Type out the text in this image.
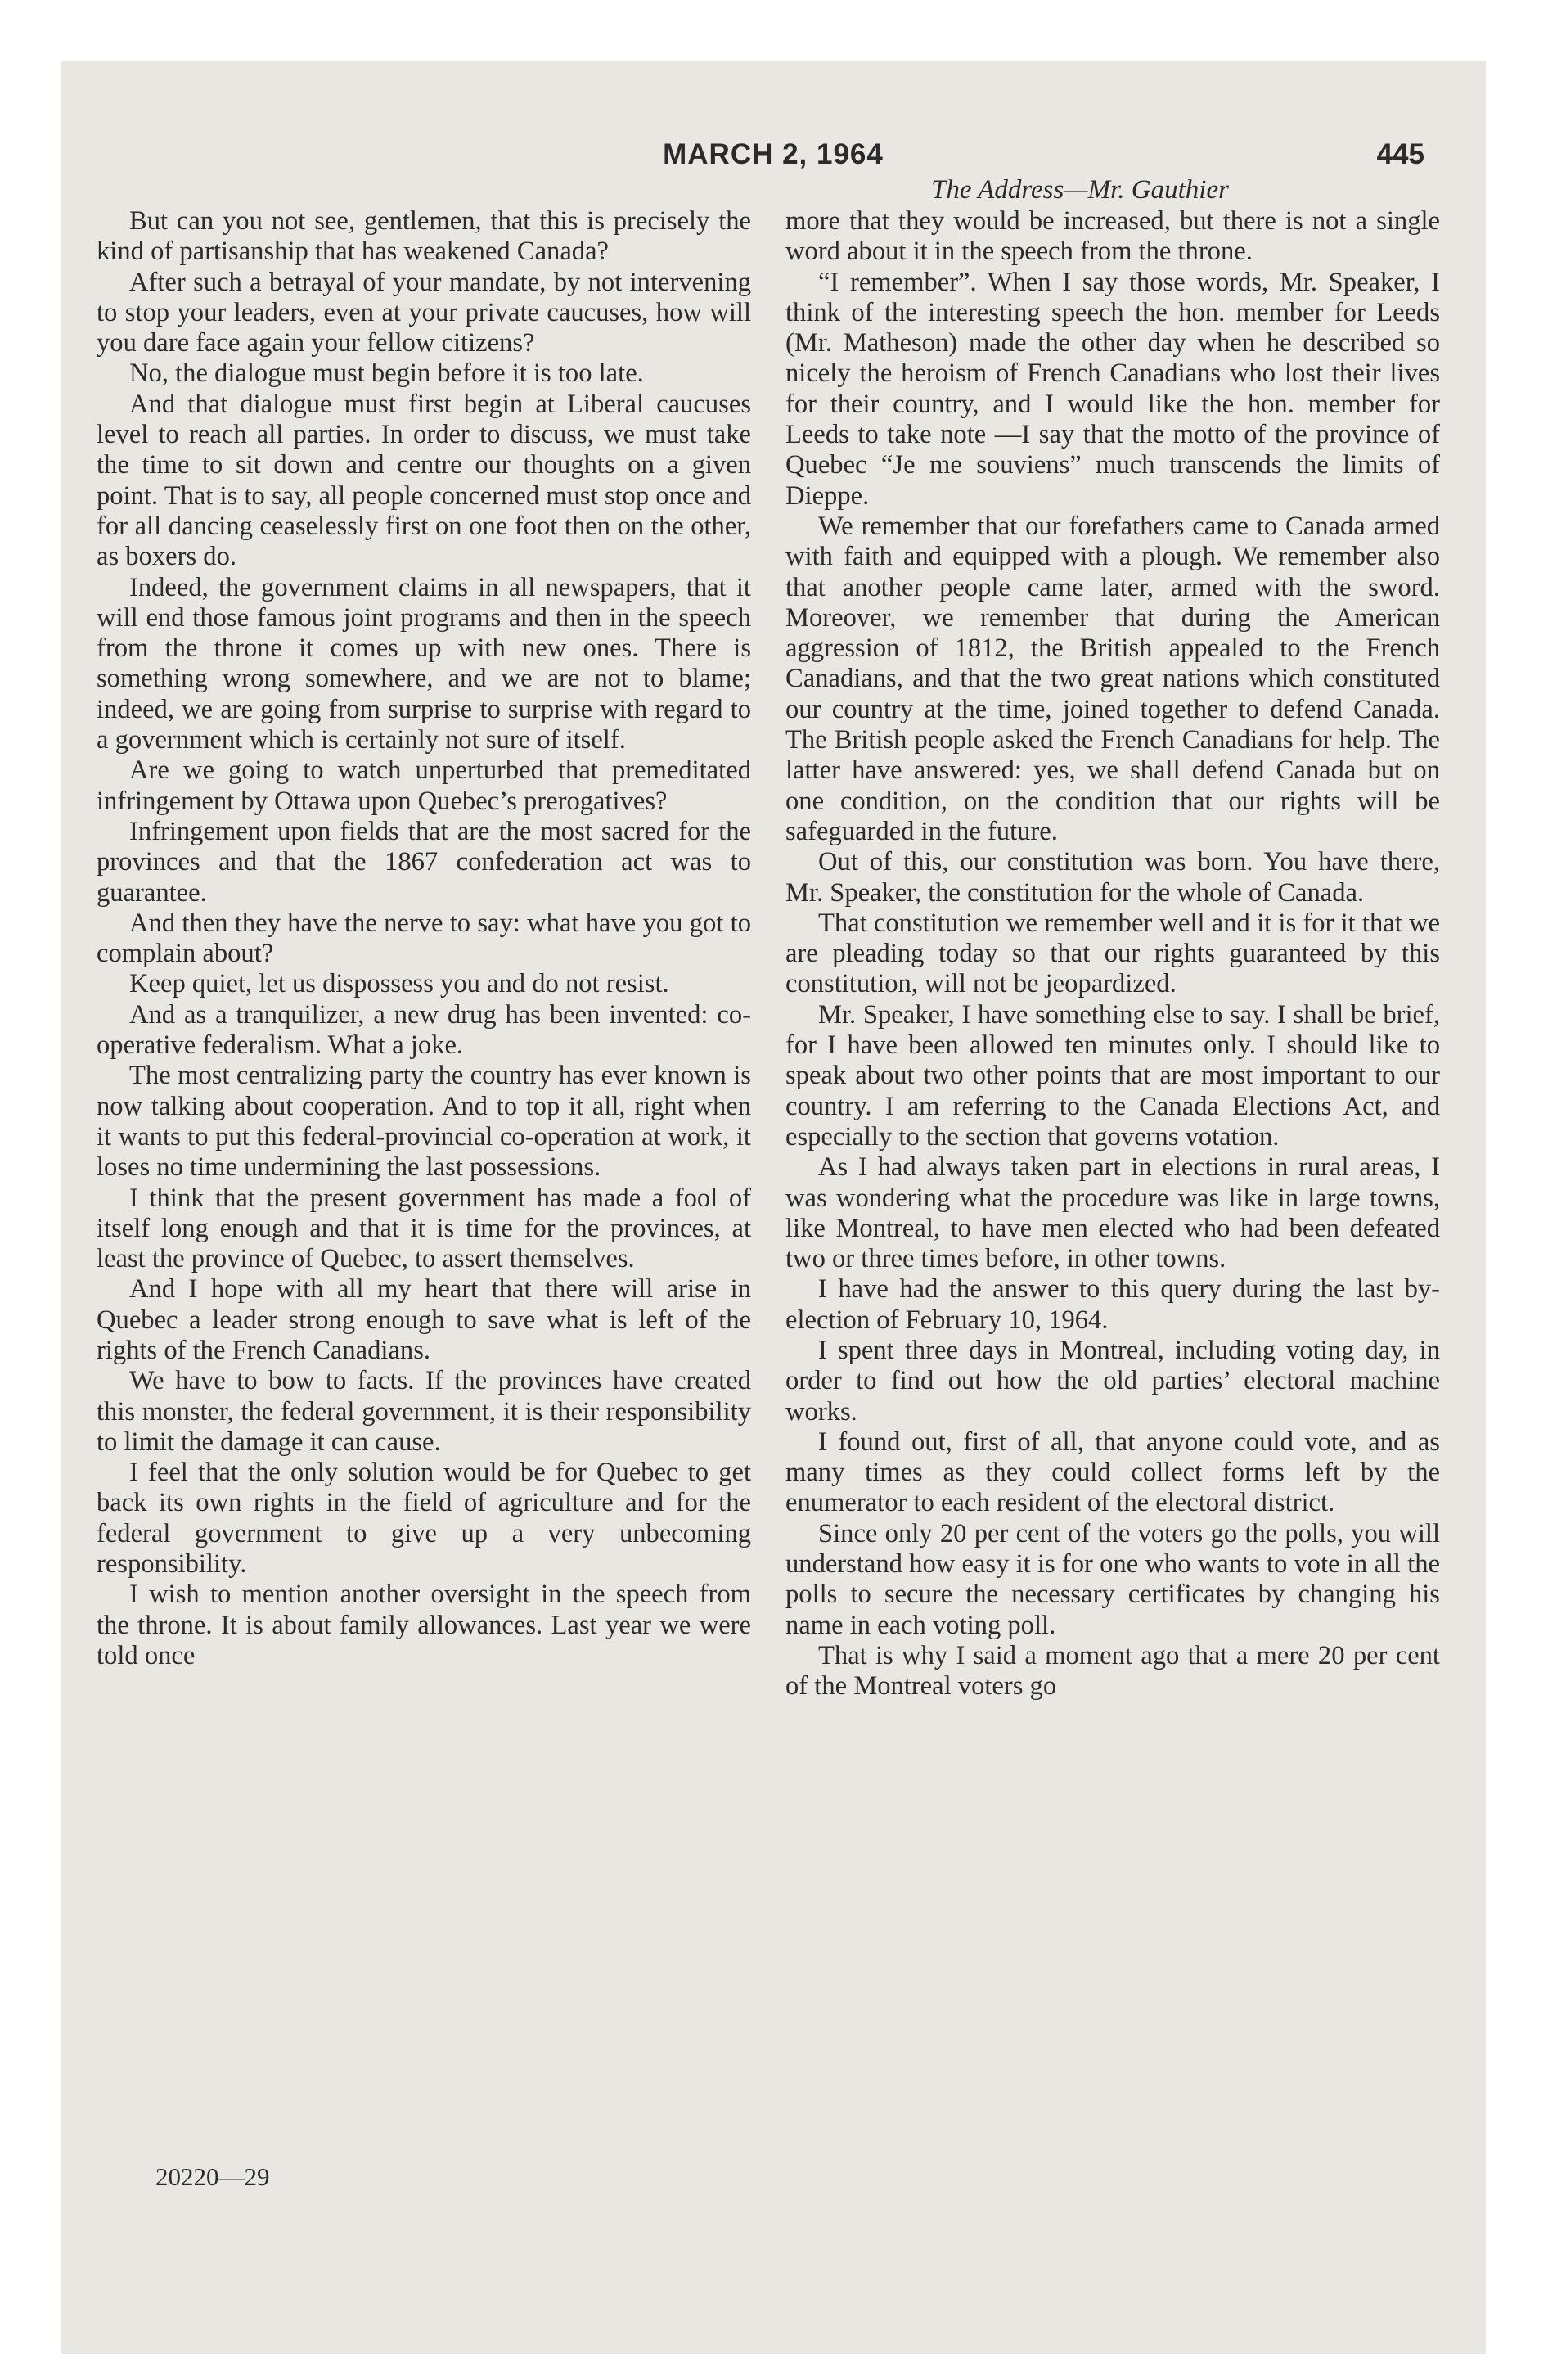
MARCH 2, 1964	445
The Address—Mr. Gauthier

But can you not see, gentlemen, that this is precisely the kind of partisanship that has weakened Canada?

After such a betrayal of your mandate, by not intervening to stop your leaders, even at your private caucuses, how will you dare face again your fellow citizens?

No, the dialogue must begin before it is too late.

And that dialogue must first begin at Liberal caucuses level to reach all parties. In order to discuss, we must take the time to sit down and centre our thoughts on a given point. That is to say, all people concerned must stop once and for all dancing ceaselessly first on one foot then on the other, as boxers do.

Indeed, the government claims in all newspapers, that it will end those famous joint programs and then in the speech from the throne it comes up with new ones. There is something wrong somewhere, and we are not to blame; indeed, we are going from surprise to surprise with regard to a government which is certainly not sure of itself.

Are we going to watch unperturbed that premeditated infringement by Ottawa upon Quebec’s prerogatives?

Infringement upon fields that are the most sacred for the provinces and that the 1867 confederation act was to guarantee.

And then they have the nerve to say: what have you got to complain about?

Keep quiet, let us dispossess you and do not resist.

And as a tranquilizer, a new drug has been invented: co-operative federalism. What a joke.

The most centralizing party the country has ever known is now talking about cooperation. And to top it all, right when it wants to put this federal-provincial co-operation at work, it loses no time undermining the last possessions.

I think that the present government has made a fool of itself long enough and that it is time for the provinces, at least the province of Quebec, to assert themselves.

And I hope with all my heart that there will arise in Quebec a leader strong enough to save what is left of the rights of the French Canadians.

We have to bow to facts. If the provinces have created this monster, the federal government, it is their responsibility to limit the damage it can cause.

I feel that the only solution would be for Quebec to get back its own rights in the field of agriculture and for the federal government to give up a very unbecoming responsibility.

I wish to mention another oversight in the speech from the throne. It is about family allowances. Last year we were told once

more that they would be increased, but there is not a single word about it in the speech from the throne.

“I remember”. When I say those words, Mr. Speaker, I think of the interesting speech the hon. member for Leeds (Mr. Matheson) made the other day when he described so nicely the heroism of French Canadians who lost their lives for their country, and I would like the hon. member for Leeds to take note —I say that the motto of the province of Quebec “Je me souviens” much transcends the limits of Dieppe.

We remember that our forefathers came to Canada armed with faith and equipped with a plough. We remember also that another people came later, armed with the sword. Moreover, we remember that during the American aggression of 1812, the British appealed to the French Canadians, and that the two great nations which constituted our country at the time, joined together to defend Canada. The British people asked the French Canadians for help. The latter have answered: yes, we shall defend Canada but on one condition, on the condition that our rights will be safeguarded in the future.

Out of this, our constitution was born. You have there, Mr. Speaker, the constitution for the whole of Canada.

That constitution we remember well and it is for it that we are pleading today so that our rights guaranteed by this constitution, will not be jeopardized.

Mr. Speaker, I have something else to say. I shall be brief, for I have been allowed ten minutes only. I should like to speak about two other points that are most important to our country. I am referring to the Canada Elections Act, and especially to the section that governs votation.

As I had always taken part in elections in rural areas, I was wondering what the procedure was like in large towns, like Montreal, to have men elected who had been defeated two or three times before, in other towns.

I have had the answer to this query during the last by-election of February 10, 1964.

I spent three days in Montreal, including voting day, in order to find out how the old parties’ electoral machine works.

I found out, first of all, that anyone could vote, and as many times as they could collect forms left by the enumerator to each resident of the electoral district.

Since only 20 per cent of the voters go the polls, you will understand how easy it is for one who wants to vote in all the polls to secure the necessary certificates by changing his name in each voting poll.

That is why I said a moment ago that a mere 20 per cent of the Montreal voters go

20220—29
